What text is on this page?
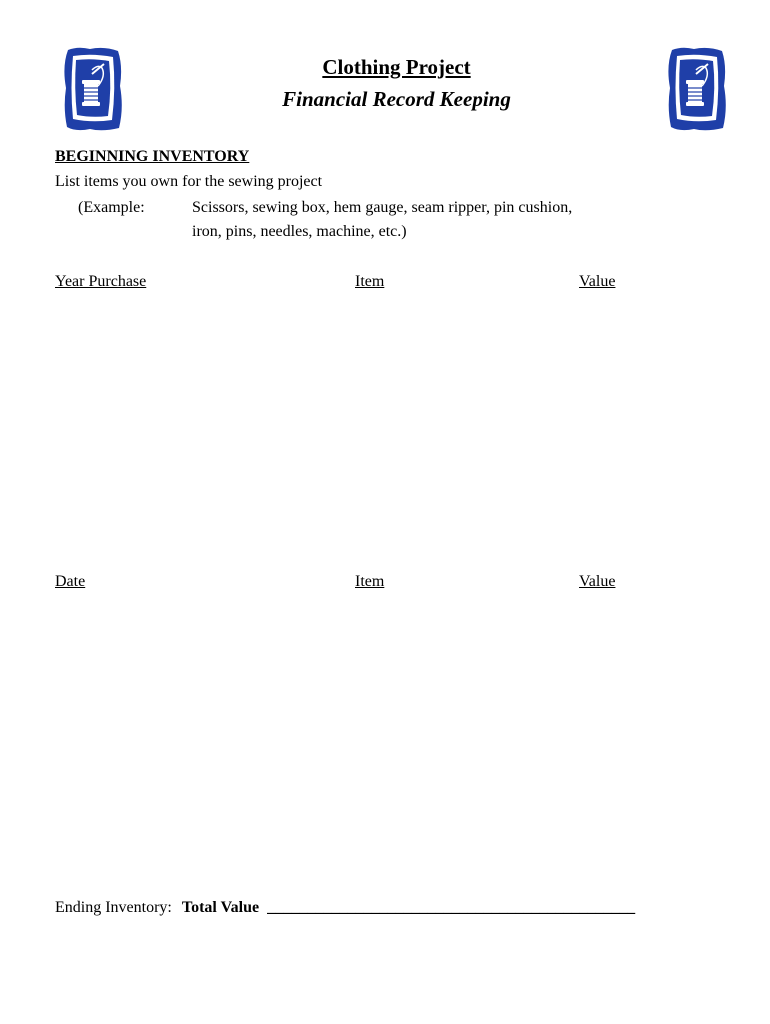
Clothing Project
Financial Record Keeping
BEGINNING INVENTORY
List items you own for the sewing project
(Example:	Scissors, sewing box, hem gauge, seam ripper, pin cushion,
iron, pins, needles, machine, etc.)
Year Purchase	Item	Value
Date	Item	Value
Ending Inventory: Total Value ______________________________________________
